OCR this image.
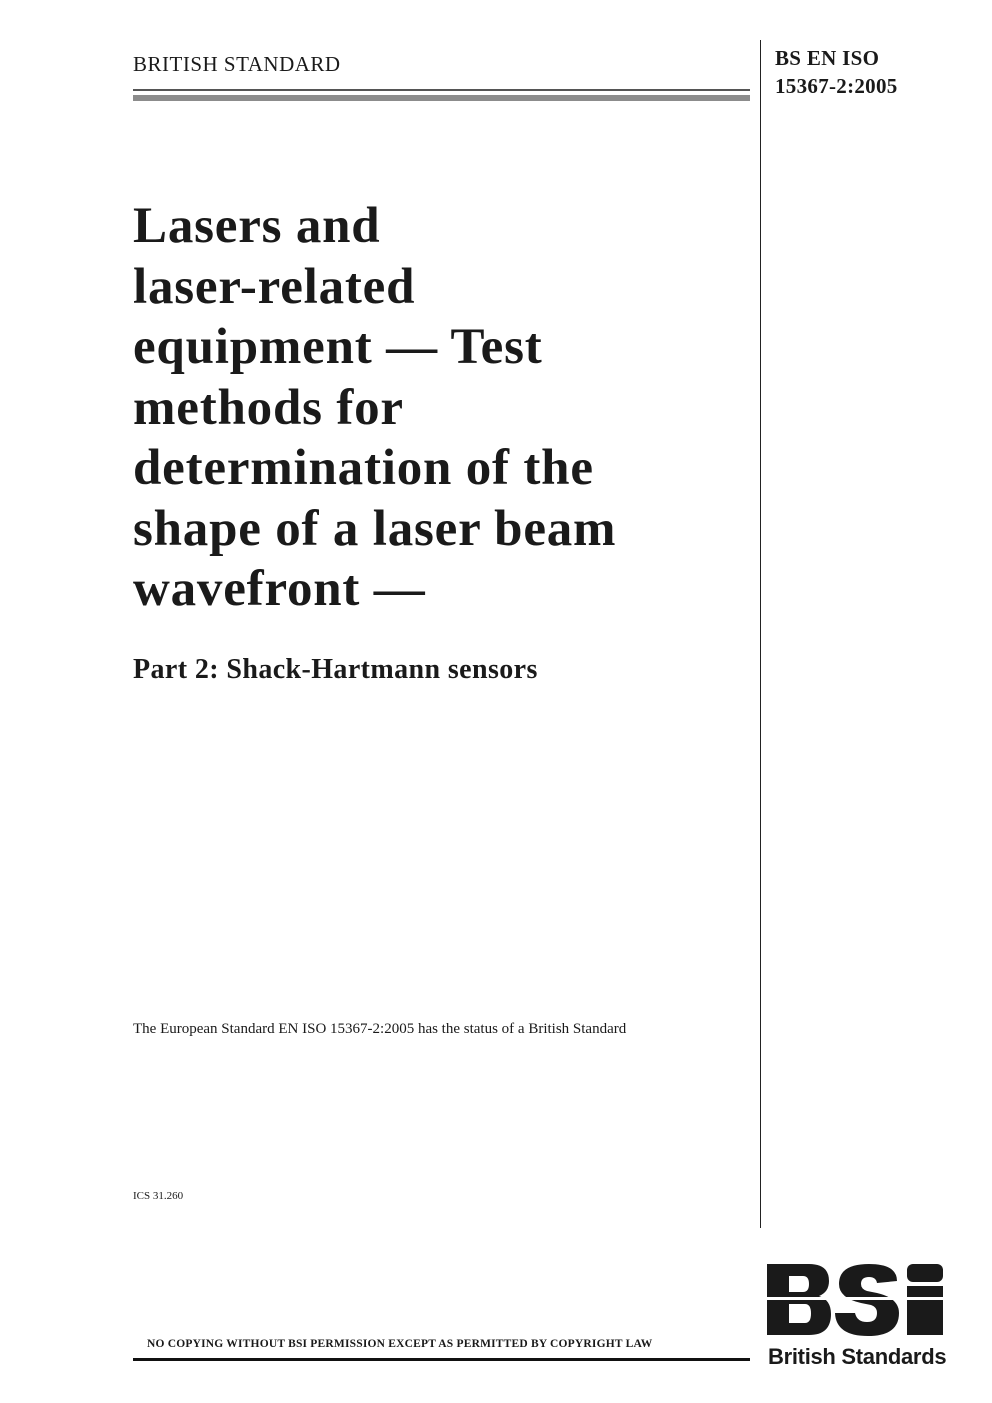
BRITISH STANDARD	BS EN ISO
15367-2:2005
Lasers and
laser-related
equipment — Test
methods for
determination of the
shape of a laser beam
wavefront —
Part 2: Shack-Hartmann sensors
The European Standard EN ISO 15367-2:2005 has the status of a British Standard
ICS 31.260
NO COPYING WITHOUT BSI PERMISSION EXCEPT AS PERMITTED BY COPYRIGHT LAW	British Standards
